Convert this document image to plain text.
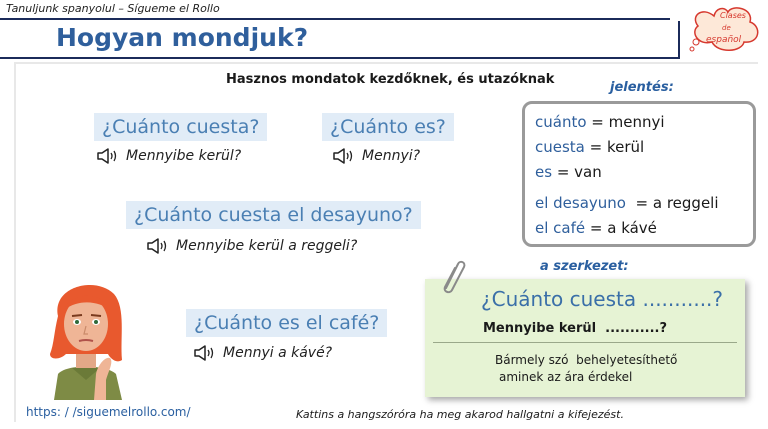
Tanuljunk spanyolul – Sígueme el Rollo
Hogyan mondjuk?
Clases
de
español
Hasznos mondatok kezdőknek, és utazóknak
¿Cuánto cuesta?
Mennyibe kerül?
¿Cuánto es?
Mennyi?
¿Cuánto cuesta el desayuno?
Mennyibe kerül a reggeli?
¿Cuánto es el café?
Mennyi a kávé?
jelentés:
cuánto = mennyi
cuesta = kerül
es = van
el desayuno  = a reggeli
el café = a kávé
a szerkezet:
¿Cuánto cuesta ...........?
Mennyibe kerül  ...........?
Bármely szó  behelyetesíthető
aminek az ára érdekel
https: / /siguemelrollo.com/	Kattins a hangszóróra ha meg akarod hallgatni a kifejezést.
